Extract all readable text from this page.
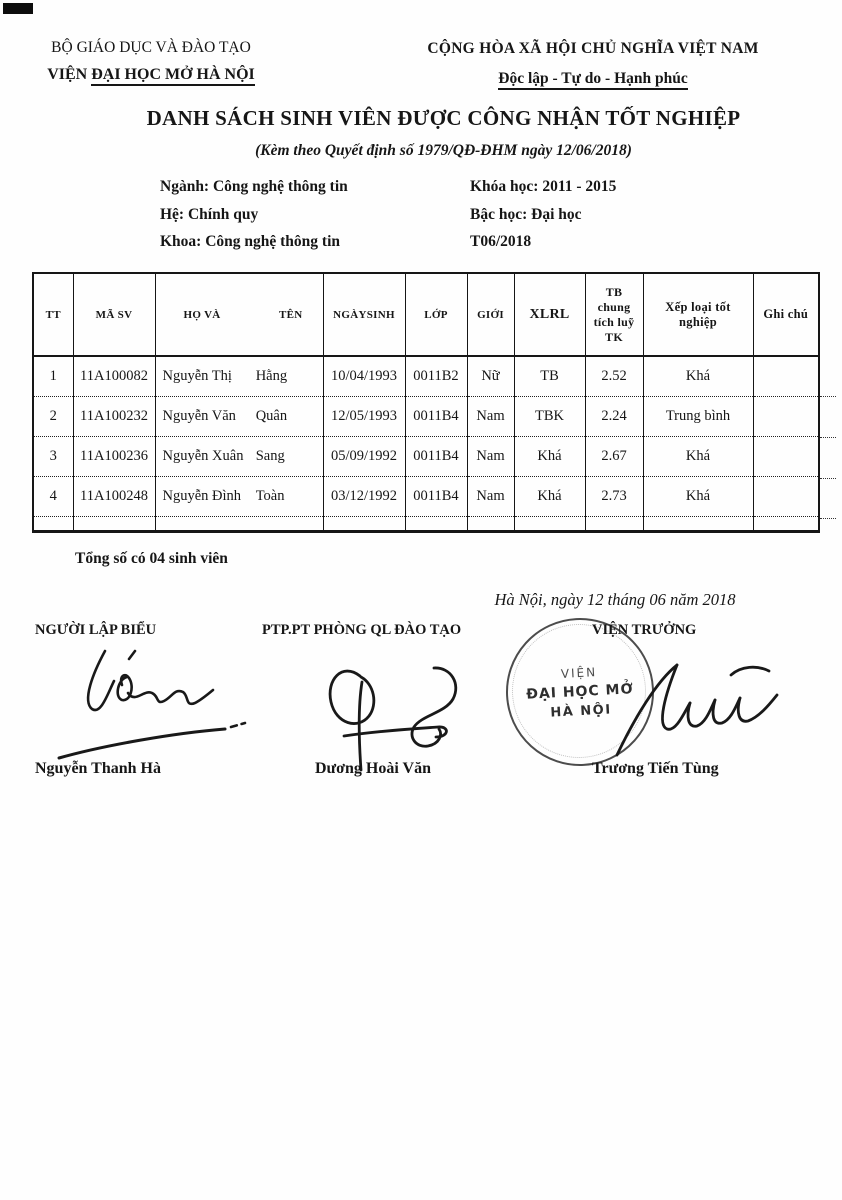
BỘ GIÁO DỤC VÀ ĐÀO TẠO
VIỆN ĐẠI HỌC MỞ HÀ NỘI
CỘNG HÒA XÃ HỘI CHỦ NGHĨA VIỆT NAM
Độc lập - Tự do - Hạnh phúc
DANH SÁCH SINH VIÊN ĐƯỢC CÔNG NHẬN TỐT NGHIỆP
(Kèm theo Quyết định số 1979/QĐ-ĐHM ngày 12/06/2018)
Ngành: Công nghệ thông tin
Hệ: Chính quy
Khoa: Công nghệ thông tin
Khóa học: 2011 - 2015
Bậc học: Đại học
T06/2018
TT	MÃ SV	HỌ VÀ TÊN	NGÀYSINH	LỚP	GIỚI	XLRL	TB chung tích luỹ TK	Xếp loại tốt nghiệp	Ghi chú
1	11A100082	Nguyễn Thị Hằng	10/04/1993	0011B2	Nữ	TB	2.52	Khá	
2	11A100232	Nguyễn Văn Quân	12/05/1993	0011B4	Nam	TBK	2.24	Trung bình	
3	11A100236	Nguyễn Xuân Sang	05/09/1992	0011B4	Nam	Khá	2.67	Khá	
4	11A100248	Nguyễn Đình Toàn	03/12/1992	0011B4	Nam	Khá	2.73	Khá	

Tổng số có 04 sinh viên
Hà Nội, ngày 12 tháng 06 năm 2018
NGƯỜI LẬP BIỂU	PTP.PT PHÒNG QL ĐÀO TẠO	VIỆN TRƯỞNG
VIỆN
ĐẠI HỌC MỞ
HÀ NỘI
Nguyễn Thanh Hà	Dương Hoài Văn	Trương Tiến Tùng
